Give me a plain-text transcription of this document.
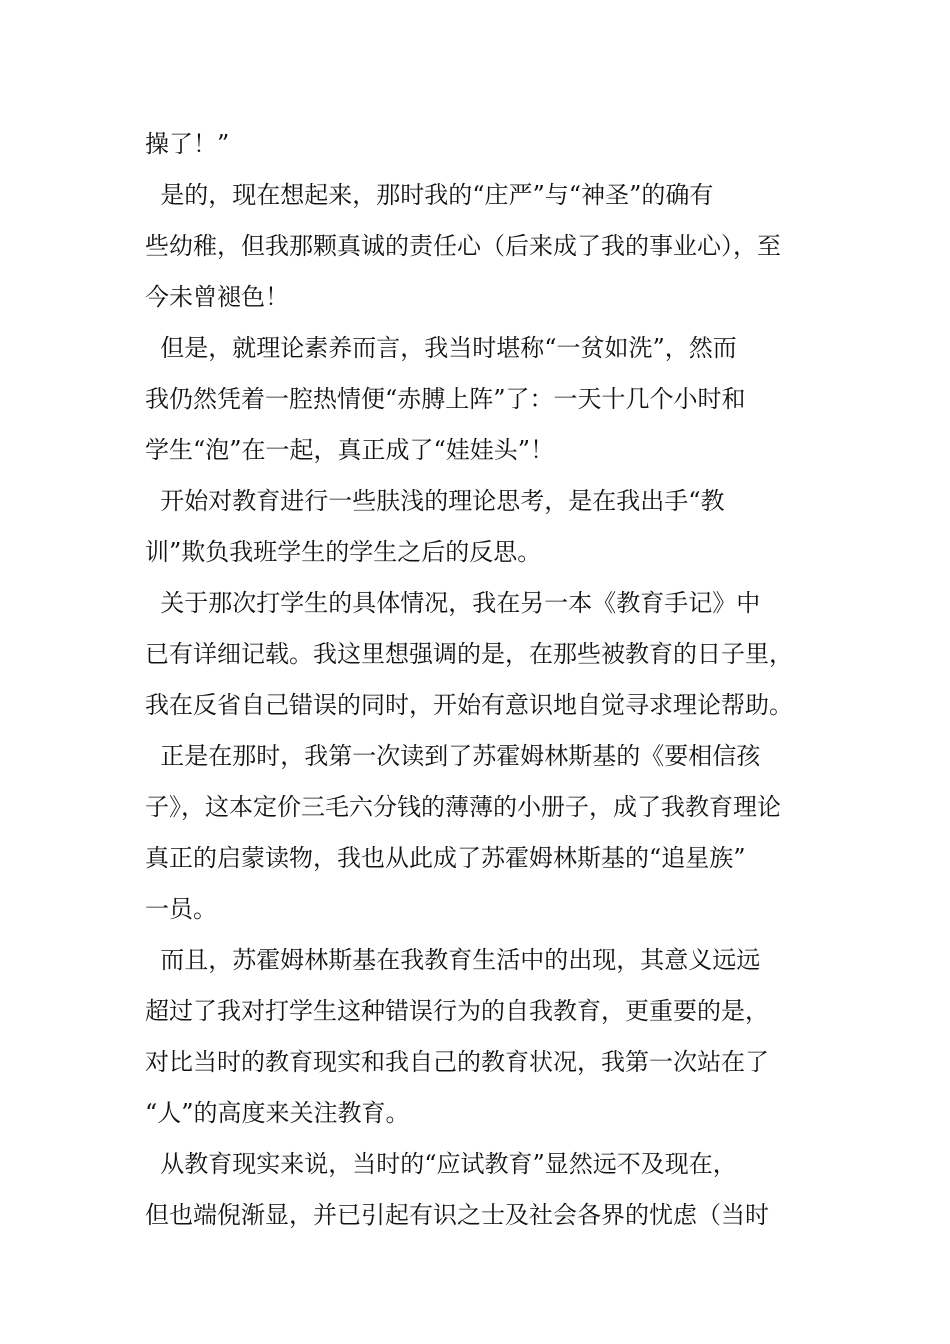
操了！”
是的，现在想起来，那时我的“庄严”与“神圣”的确有
些幼稚，但我那颗真诚的责任心（后来成了我的事业心），至
今未曾褪色！
但是，就理论素养而言，我当时堪称“一贫如洗”，然而
我仍然凭着一腔热情便“赤膊上阵”了：一天十几个小时和
学生“泡”在一起，真正成了“娃娃头”！
开始对教育进行一些肤浅的理论思考，是在我出手“教
训”欺负我班学生的学生之后的反思。
关于那次打学生的具体情况，我在另一本《教育手记》中
已有详细记载。我这里想强调的是，在那些被教育的日子里，
我在反省自己错误的同时，开始有意识地自觉寻求理论帮助。
正是在那时，我第一次读到了苏霍姆林斯基的《要相信孩
子》，这本定价三毛六分钱的薄薄的小册子，成了我教育理论
真正的启蒙读物，我也从此成了苏霍姆林斯基的“追星族”
一员。
而且，苏霍姆林斯基在我教育生活中的出现，其意义远远
超过了我对打学生这种错误行为的自我教育，更重要的是，
对比当时的教育现实和我自己的教育状况，我第一次站在了
“人”的高度来关注教育。
从教育现实来说，当时的“应试教育”显然远不及现在，
但也端倪渐显，并已引起有识之士及社会各界的忧虑（当时
